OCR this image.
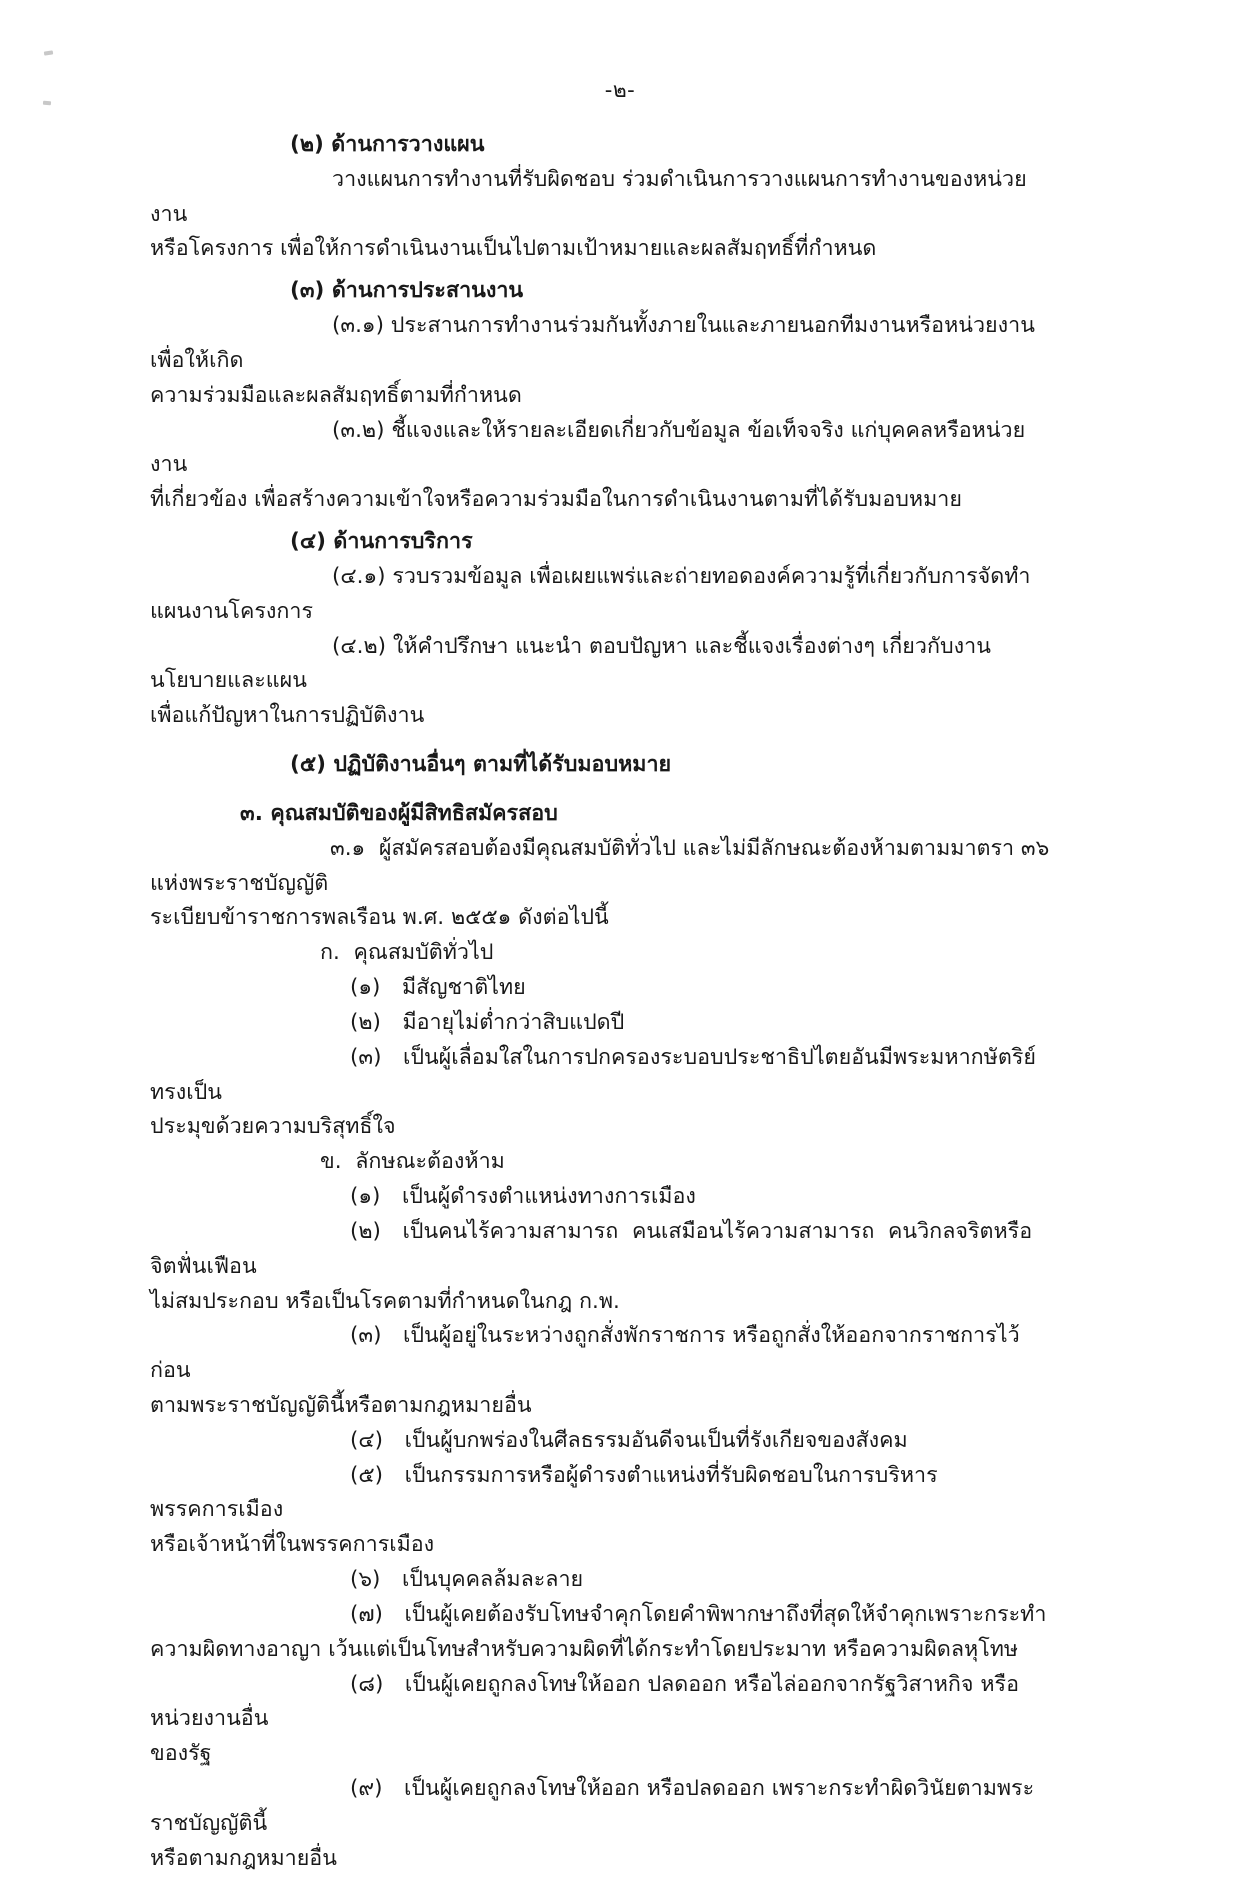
-๒-

(๒) ด้านการวางแผน

วางแผนการทำงานที่รับผิดชอบ ร่วมดำเนินการวางแผนการทำงานของหน่วยงาน

หรือโครงการ เพื่อให้การดำเนินงานเป็นไปตามเป้าหมายและผลสัมฤทธิ์ที่กำหนด

(๓) ด้านการประสานงาน

(๓.๑) ประสานการทำงานร่วมกันทั้งภายในและภายนอกทีมงานหรือหน่วยงาน เพื่อให้เกิด

ความร่วมมือและผลสัมฤทธิ์ตามที่กำหนด

(๓.๒) ชี้แจงและให้รายละเอียดเกี่ยวกับข้อมูล ข้อเท็จจริง แก่บุคคลหรือหน่วยงาน

ที่เกี่ยวข้อง เพื่อสร้างความเข้าใจหรือความร่วมมือในการดำเนินงานตามที่ได้รับมอบหมาย

(๔) ด้านการบริการ

(๔.๑) รวบรวมข้อมูล เพื่อเผยแพร่และถ่ายทอดองค์ความรู้ที่เกี่ยวกับการจัดทำแผนงานโครงการ

(๔.๒) ให้คำปรึกษา แนะนำ ตอบปัญหา และชี้แจงเรื่องต่างๆ เกี่ยวกับงานนโยบายและแผน

เพื่อแก้ปัญหาในการปฏิบัติงาน

(๕) ปฏิบัติงานอื่นๆ ตามที่ได้รับมอบหมาย

๓. คุณสมบัติของผู้มีสิทธิสมัครสอบ

๓.๑  ผู้สมัครสอบต้องมีคุณสมบัติทั่วไป และไม่มีลักษณะต้องห้ามตามมาตรา ๓๖ แห่งพระราชบัญญัติ

ระเบียบข้าราชการพลเรือน พ.ศ. ๒๕๕๑ ดังต่อไปนี้

ก.  คุณสมบัติทั่วไป

(๑) มีสัญชาติไทย

(๒) มีอายุไม่ต่ำกว่าสิบแปดปี

(๓) เป็นผู้เลื่อมใสในการปกครองระบอบประชาธิปไตยอันมีพระมหากษัตริย์ทรงเป็น

ประมุขด้วยความบริสุทธิ์ใจ

ข.  ลักษณะต้องห้าม

(๑) เป็นผู้ดำรงตำแหน่งทางการเมือง

(๒) เป็นคนไร้ความสามารถ  คนเสมือนไร้ความสามารถ  คนวิกลจริตหรือจิตฟั่นเฟือน

ไม่สมประกอบ หรือเป็นโรคตามที่กำหนดในกฎ ก.พ.

(๓) เป็นผู้อยู่ในระหว่างถูกสั่งพักราชการ หรือถูกสั่งให้ออกจากราชการไว้ก่อน

ตามพระราชบัญญัตินี้หรือตามกฎหมายอื่น

(๔) เป็นผู้บกพร่องในศีลธรรมอันดีจนเป็นที่รังเกียจของสังคม

(๕) เป็นกรรมการหรือผู้ดำรงตำแหน่งที่รับผิดชอบในการบริหารพรรคการเมือง

หรือเจ้าหน้าที่ในพรรคการเมือง

(๖) เป็นบุคคลล้มละลาย

(๗) เป็นผู้เคยต้องรับโทษจำคุกโดยคำพิพากษาถึงที่สุดให้จำคุกเพราะกระทำ

ความผิดทางอาญา เว้นแต่เป็นโทษสำหรับความผิดที่ได้กระทำโดยประมาท หรือความผิดลหุโทษ

(๘) เป็นผู้เคยถูกลงโทษให้ออก ปลดออก หรือไล่ออกจากรัฐวิสาหกิจ หรือหน่วยงานอื่น

ของรัฐ

(๙) เป็นผู้เคยถูกลงโทษให้ออก หรือปลดออก เพราะกระทำผิดวินัยตามพระราชบัญญัตินี้

หรือตามกฎหมายอื่น
